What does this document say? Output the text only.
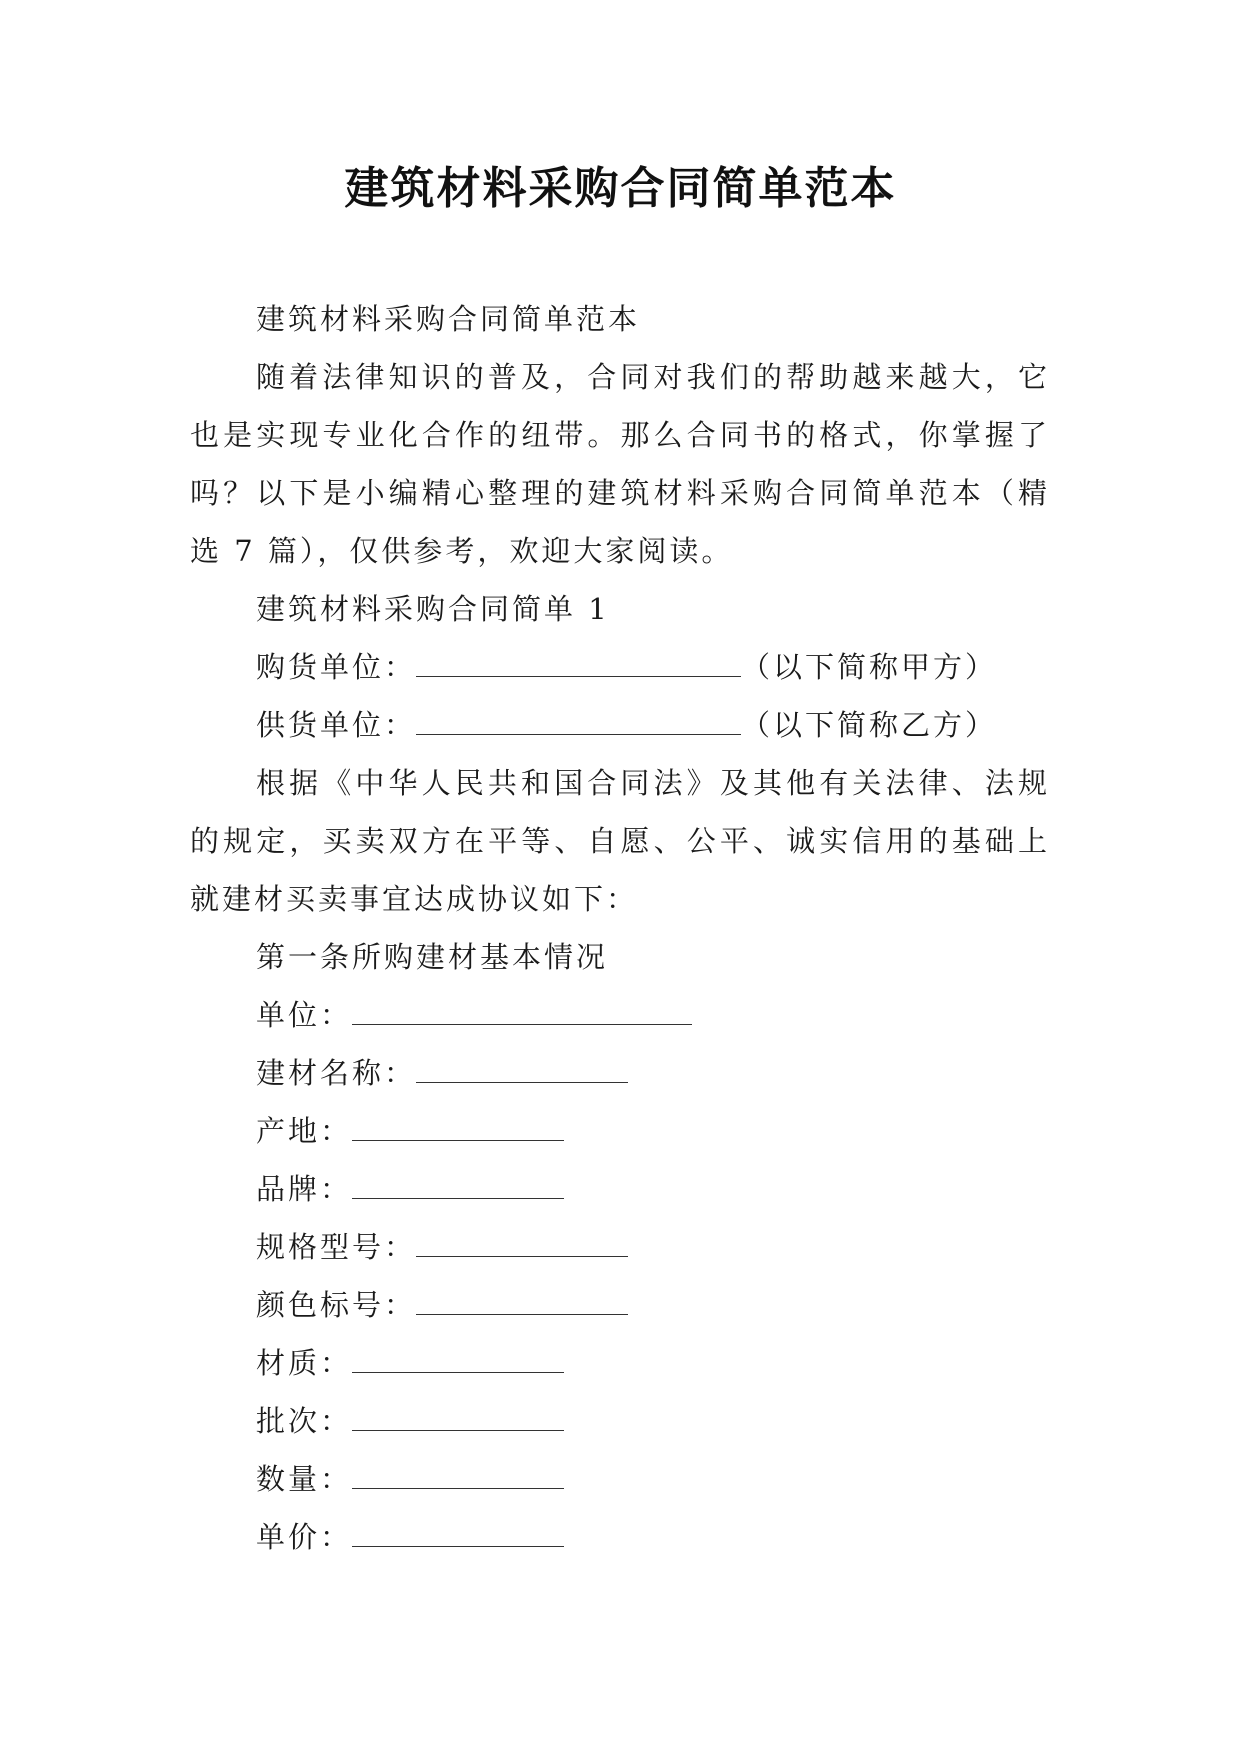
建筑材料采购合同简单范本

建筑材料采购合同简单范本

随着法律知识的普及，合同对我们的帮助越来越大，它也是实现专业化合作的纽带。那么合同书的格式，你掌握了吗？以下是小编精心整理的建筑材料采购合同简单范本（精选 7 篇），仅供参考，欢迎大家阅读。

建筑材料采购合同简单 1

购货单位：	（以下简称甲方）

供货单位：	（以下简称乙方）

根据《中华人民共和国合同法》及其他有关法律、法规的规定，买卖双方在平等、自愿、公平、诚实信用的基础上就建材买卖事宜达成协议如下：

第一条所购建材基本情况

单位：

建材名称：

产地：

品牌：

规格型号：

颜色标号：

材质：

批次：

数量：

单价：
